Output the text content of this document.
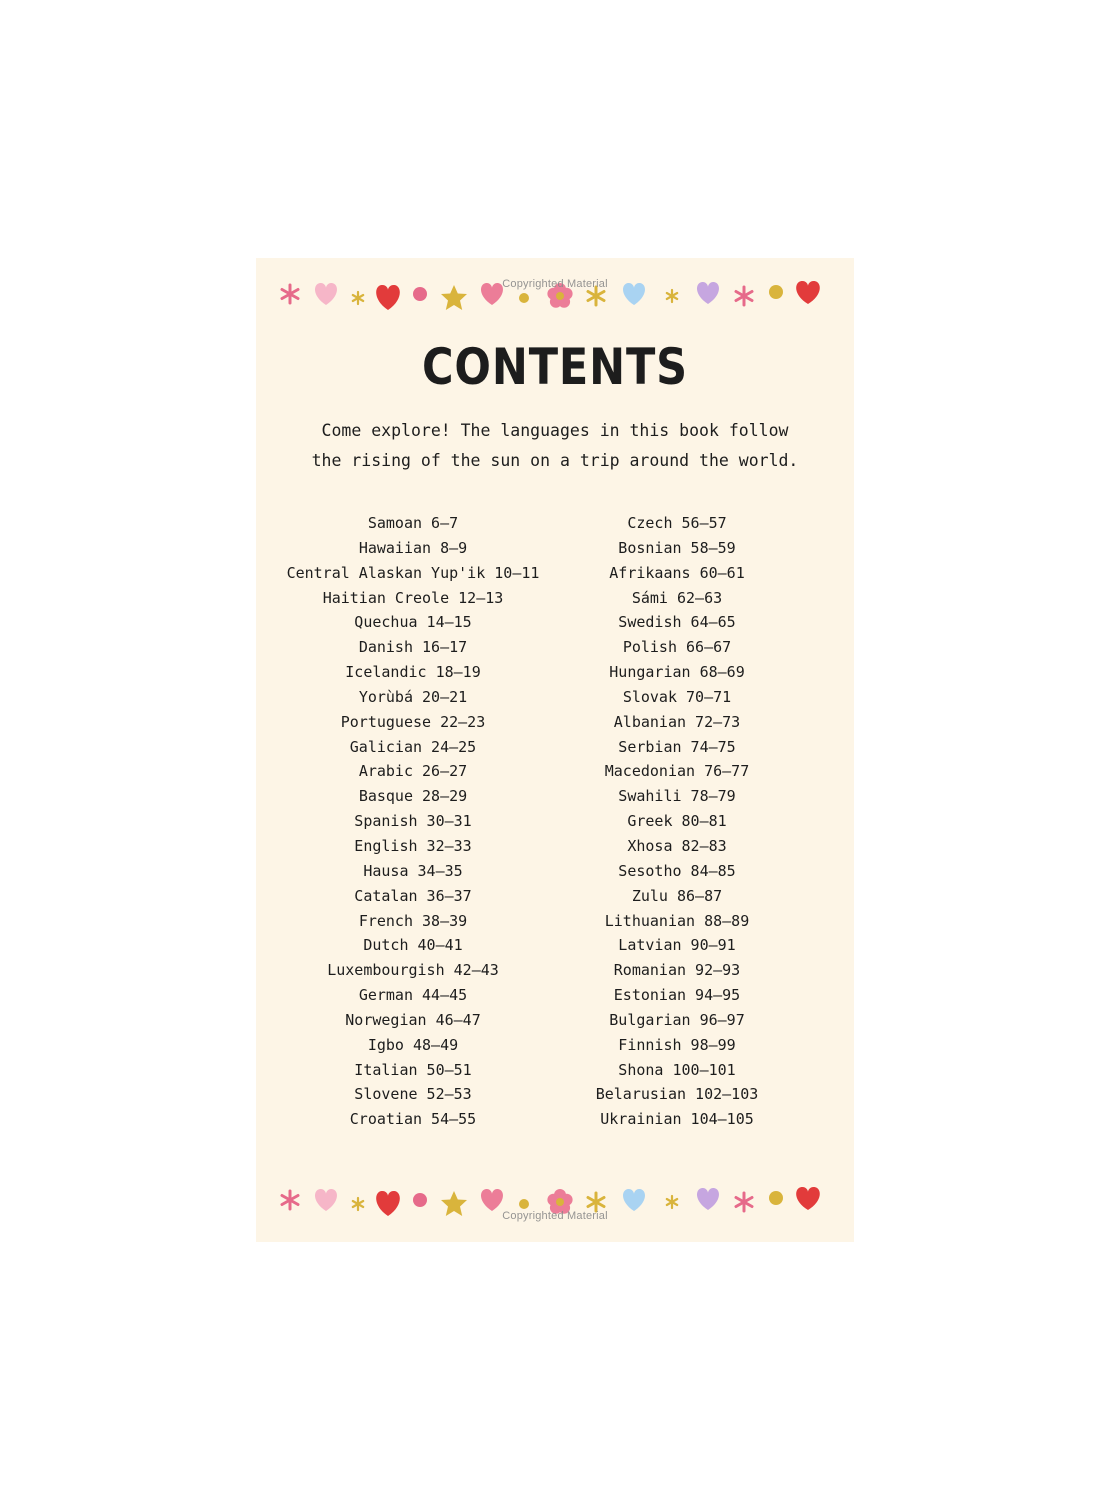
Copyrighted Material
CONTENTS
Come explore! The languages in this book follow
the rising of the sun on a trip around the world.
Samoan 6–7
Hawaiian 8–9
Central Alaskan Yup'ik 10–11
Haitian Creole 12–13
Quechua 14–15
Danish 16–17
Icelandic 18–19
Yorùbá 20–21
Portuguese 22–23
Galician 24–25
Arabic 26–27
Basque 28–29
Spanish 30–31
English 32–33
Hausa 34–35
Catalan 36–37
French 38–39
Dutch 40–41
Luxembourgish 42–43
German 44–45
Norwegian 46–47
Igbo 48–49
Italian 50–51
Slovene 52–53
Croatian 54–55
Czech 56–57
Bosnian 58–59
Afrikaans 60–61
Sámi 62–63
Swedish 64–65
Polish 66–67
Hungarian 68–69
Slovak 70–71
Albanian 72–73
Serbian 74–75
Macedonian 76–77
Swahili 78–79
Greek 80–81
Xhosa 82–83
Sesotho 84–85
Zulu 86–87
Lithuanian 88–89
Latvian 90–91
Romanian 92–93
Estonian 94–95
Bulgarian 96–97
Finnish 98–99
Shona 100–101
Belarusian 102–103
Ukrainian 104–105
Copyrighted Material
